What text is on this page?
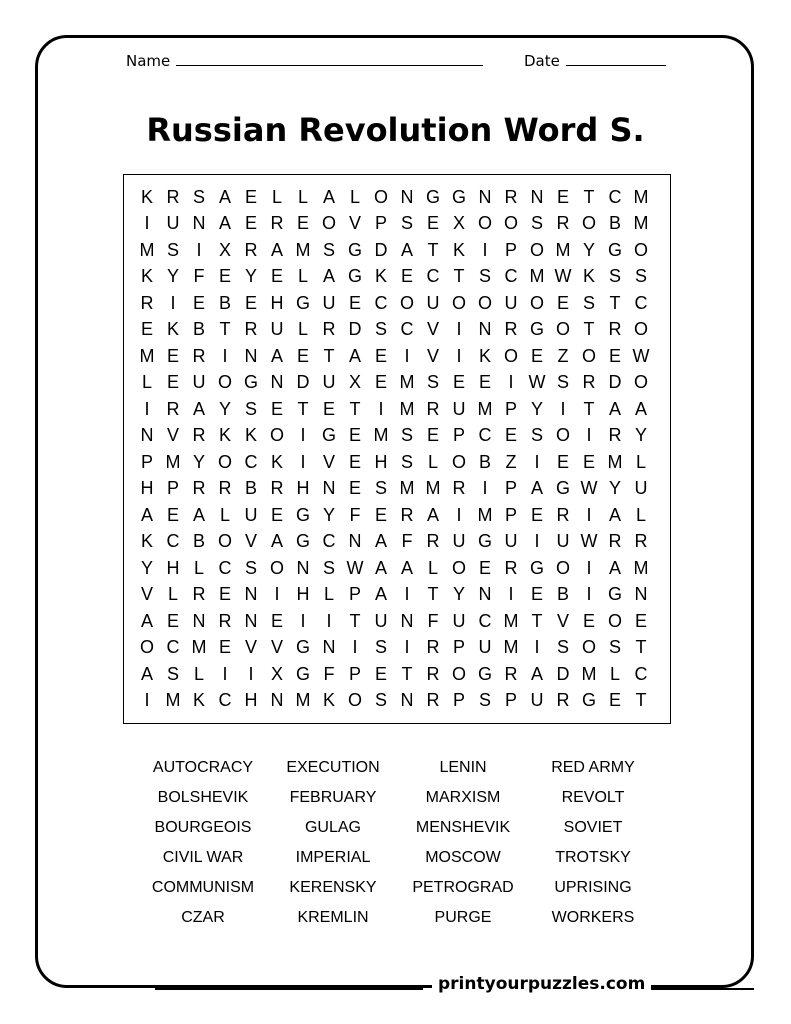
Name	Date
Russian Revolution Word S.
K R S A E L L A L O N G G N R N E T C M
I U N A E R E O V P S E X O O S R O B M
M S I X R A M S G D A T K I P O M Y G O
K Y F E Y E L A G K E C T S C M W K S S
R I E B E H G U E C O U O O U O E S T C
E K B T R U L R D S C V I N R G O T R O
M E R I N A E T A E I V I K O E Z O E W
L E U O G N D U X E M S E E I W S R D O
I R A Y S E T E T I M R U M P Y I	T A A
N V R K K O I G E M S E P C E S O I R Y
P M Y O C K I V E H S L O B Z I E E M L
H P R R B R H N E S M M R I P A G W Y U
A E A L U E G Y F E R A I M P E R I A L
K C B O V A G C N A F R U G U I U W R R
Y H L C S O N S W A A L O E R G O I A M
V L R E N I H L P A I	T Y N I E B I G N
A E N R N E I	I	T U N F U C M T V E O E
O C M E V V G N I S I R P U M I S O S T
A S L	I	I X G F P E T R O G R A D M L C
I M K C H N M K O S N R P S P U R G E T
AUTOCRACY	EXECUTION	LENIN	RED ARMY
BOLSHEVIK	FEBRUARY	MARXISM	REVOLT
BOURGEOIS	GULAG	MENSHEVIK	SOVIET
CIVIL WAR	IMPERIAL	MOSCOW	TROTSKY
COMMUNISM	KERENSKY	PETROGRAD	UPRISING
CZAR	KREMLIN	PURGE	WORKERS
printyourpuzzles.com
